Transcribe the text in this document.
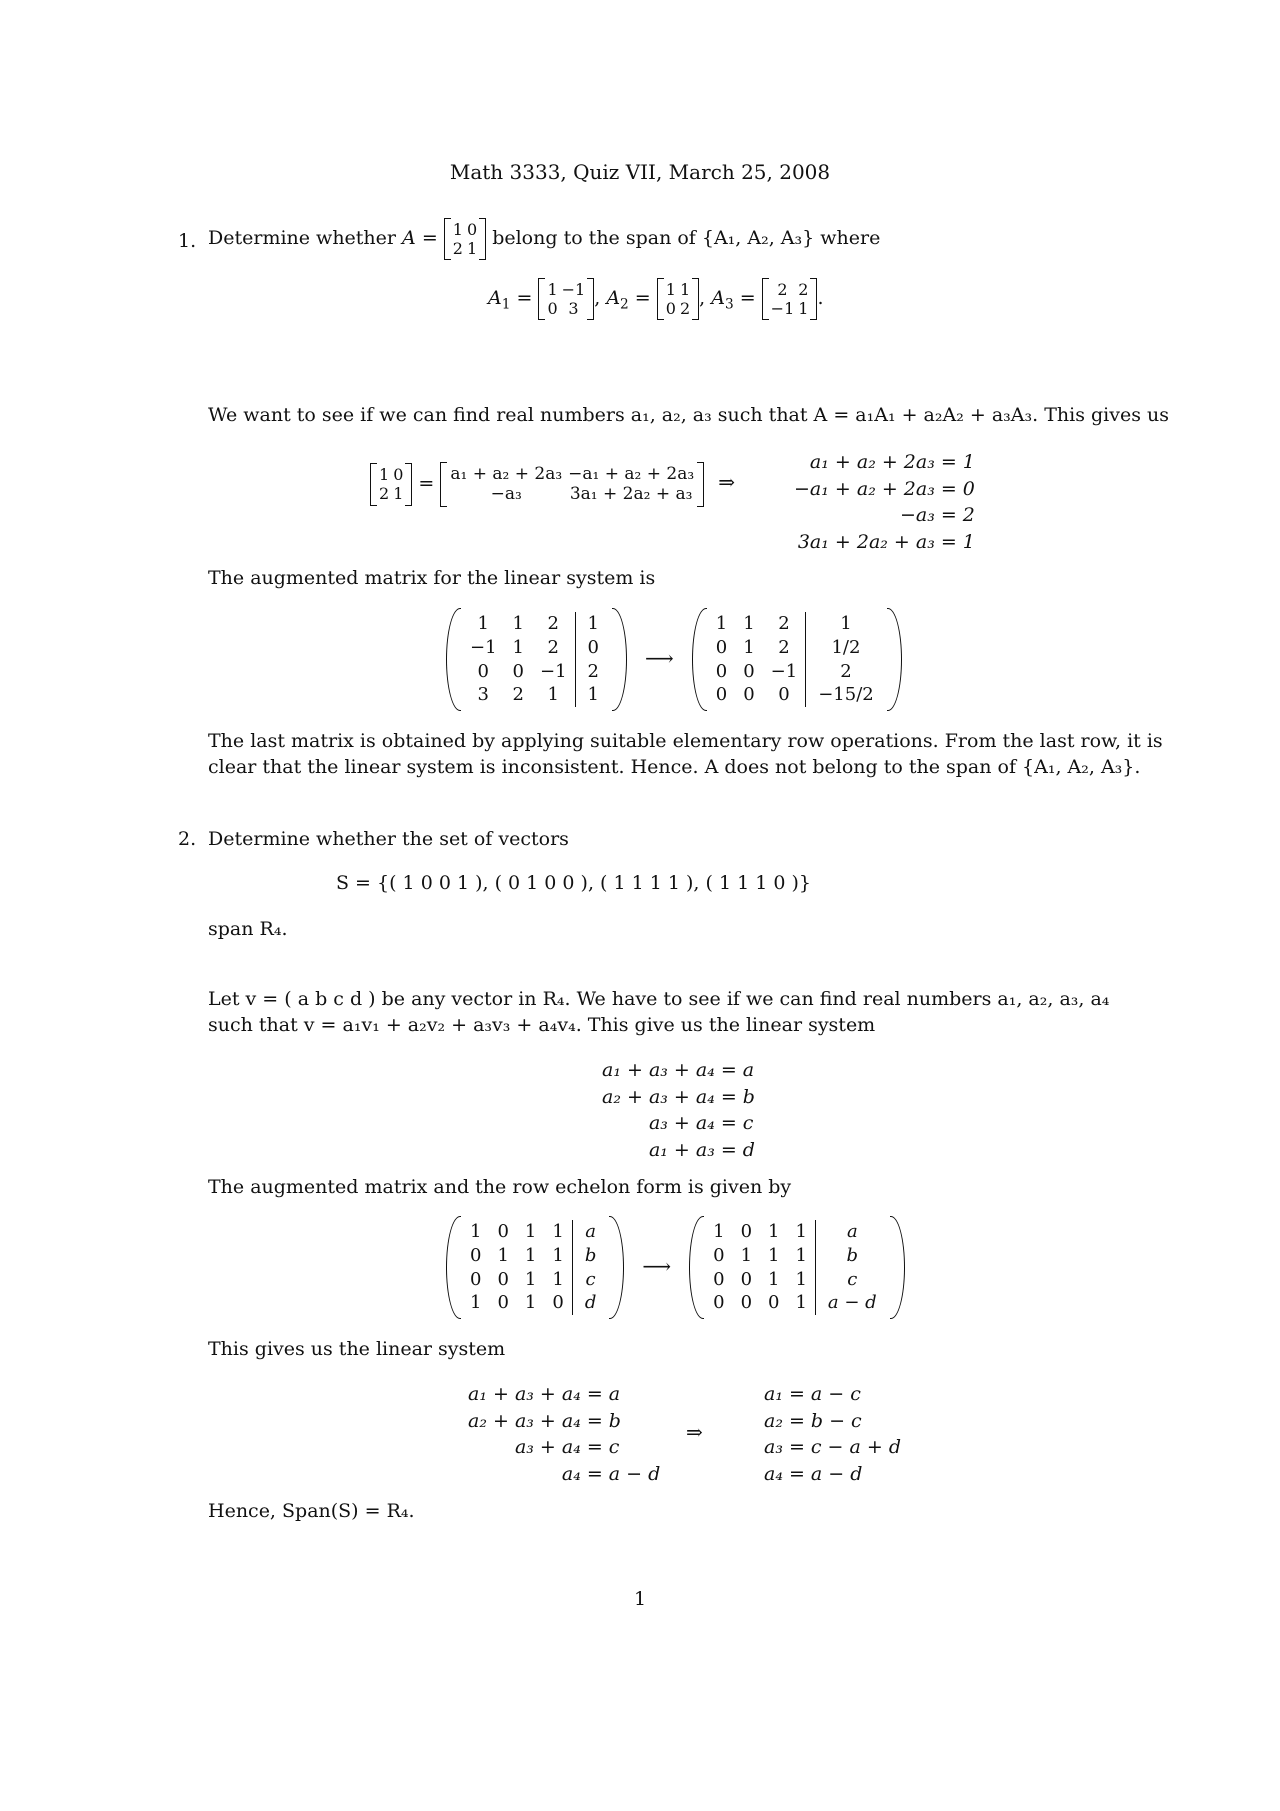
Math 3333, Quiz VII, March 25, 2008
1. Determine whether A = 1	0
2	1 belong to the span of {A₁, A₂, A₃} where
$A_1 = 1$	−1
0	3 , $A_2 = 1$	1
0	2 , $A_3 = 2$	2
−1	1 .
We want to see if we can find real numbers a₁, a₂, a₃ such that A = a₁A₁ + a₂A₂ + a₃A₃. This gives us
1	0
2	1 = a₁ + a₂ + 2a₃	−a₁ + a₂ + 2a₃
−a₃	3a₁ + 2a₂ + a₃ ⇒
a₁ + a₂ + 2a₃	=	1
−a₁ + a₂ + 2a₃	=	0
−a₃	=	2
3a₁ + 2a₂ + a₃	=	1
The augmented matrix for the linear system is
1	1	2	1
−1	1	2	0
0	0	−1	2
3	2	1	1
⟶
1	1	2	1
0	1	2	1/2
0	0	−1	2
0	0	0	−15/2
The last matrix is obtained by applying suitable elementary row operations. From the last row, it is
clear that the linear system is inconsistent. Hence. A does not belong to the span of {A₁, A₂, A₃}.
2. Determine whether the set of vectors
S = {( 1 0 0 1 ), ( 0 1 0 0 ), ( 1 1 1 1 ), ( 1 1 1 0 )}
span R₄.
Let v = ( a b c d ) be any vector in R₄. We have to see if we can find real numbers a₁, a₂, a₃, a₄
such that v = a₁v₁ + a₂v₂ + a₃v₃ + a₄v₄. This give us the linear system
a₁ + a₃ + a₄	=	a
a₂ + a₃ + a₄	=	b
a₃ + a₄	=	c
a₁ + a₃	=	d
The augmented matrix and the row echelon form is given by
1	0	1	1	a
0	1	1	1	b
0	0	1	1	c
1	0	1	0	d
⟶
1	0	1	1	a
0	1	1	1	b
0	0	1	1	c
0	0	0	1	a − d
This gives us the linear system
a₁ + a₃ + a₄	=	a
a₂ + a₃ + a₄	=	b
a₃ + a₄	=	c
a₄	=	a − d
⇒
a₁	=	a − c
a₂	=	b − c
a₃	=	c − a + d
a₄	=	a − d
Hence, Span(S) = R₄.
1
